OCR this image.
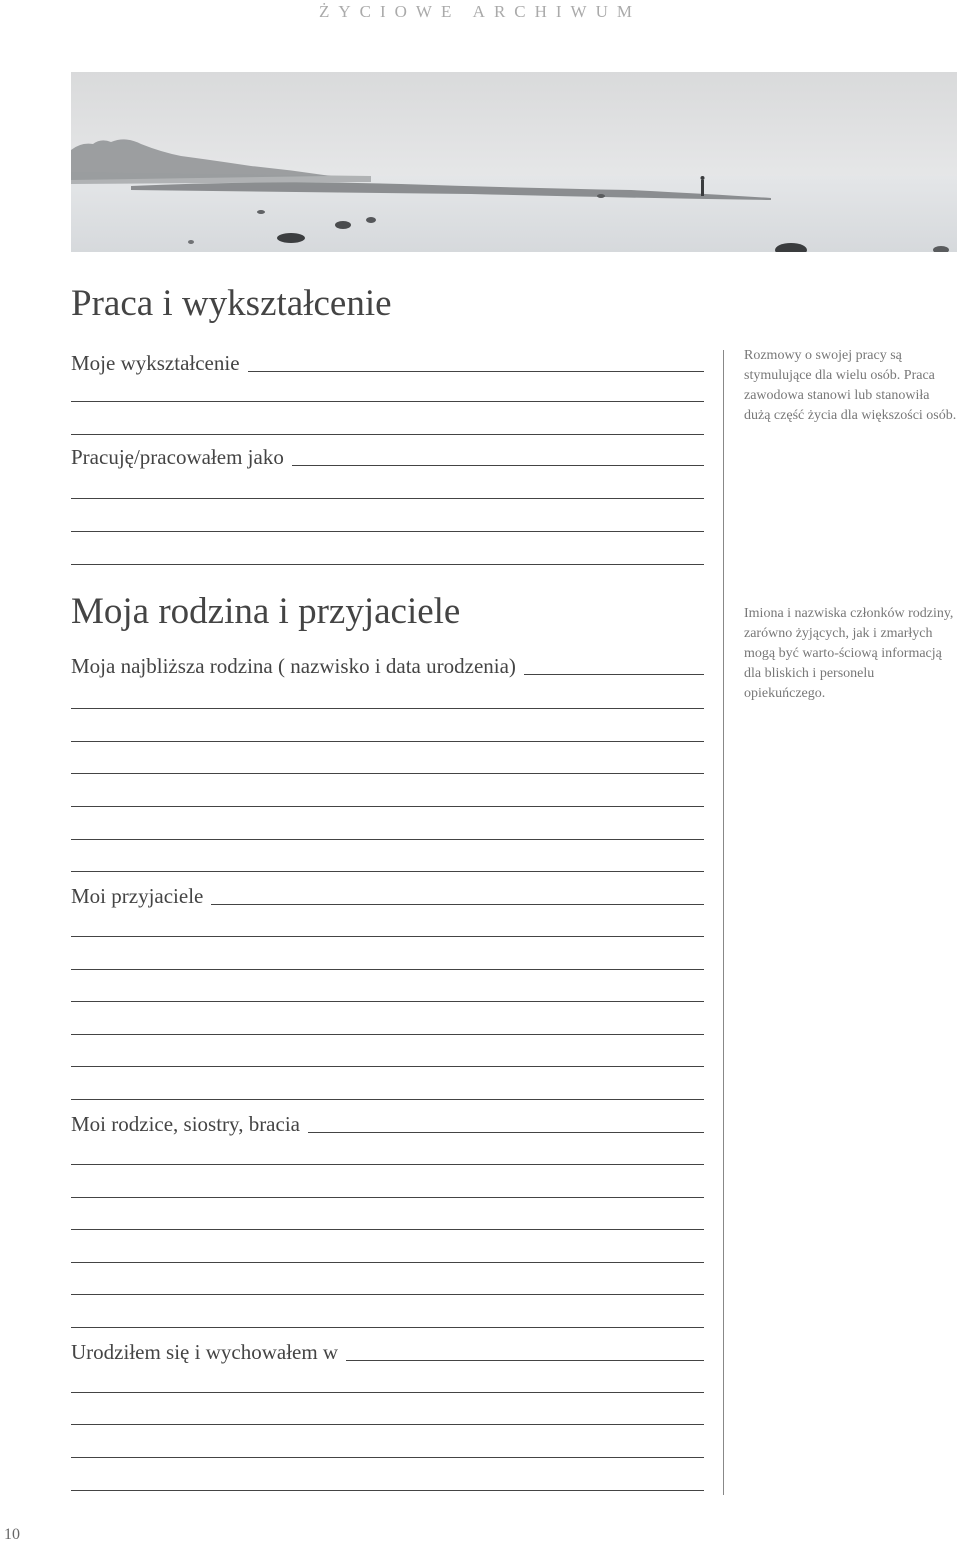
ŻYCIOWE ARCHIWUM
Praca i wykształcenie
Moje wykształcenie
Pracuję/pracowałem jako
Rozmowy o swojej pracy są stymulujące dla wielu osób. Praca zawodowa stanowi lub stanowiła dużą część życia dla większości osób.
Moja rodzina i przyjaciele
Moja najbliższa rodzina ( nazwisko i data urodzenia)
Imiona i nazwiska członków rodziny, zarówno żyjących, jak i zmarłych mogą być warto-ściową informacją dla bliskich i personelu opiekuńczego.
Moi przyjaciele
Moi rodzice, siostry, bracia
Urodziłem się i wychowałem w
10
